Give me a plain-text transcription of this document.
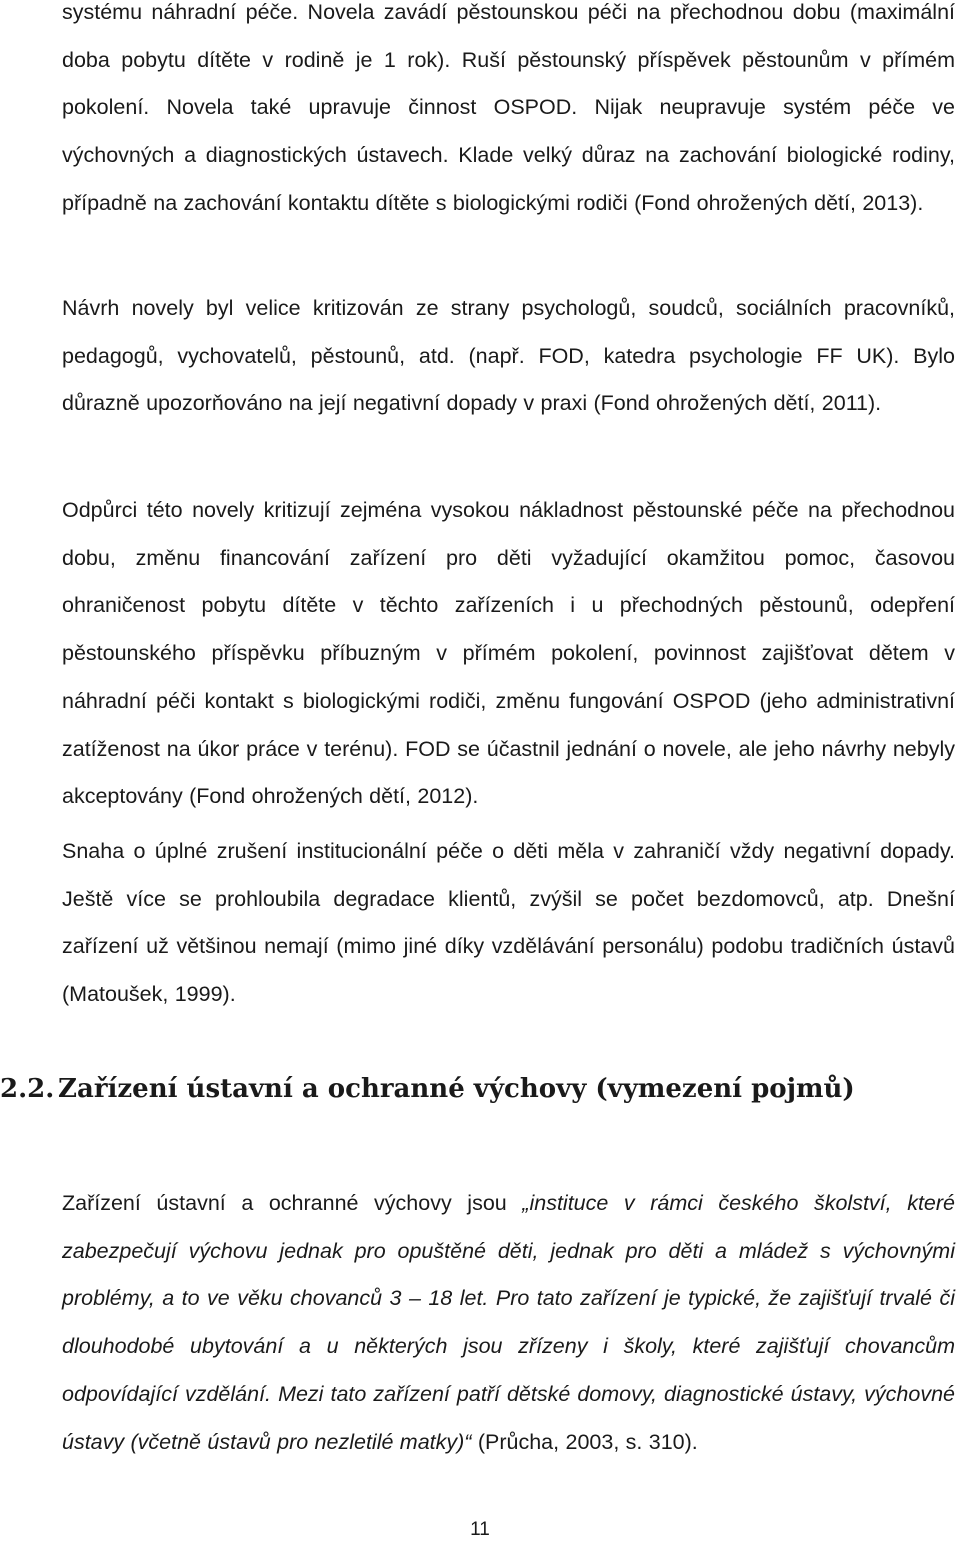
systému náhradní péče. Novela zavádí pěstounskou péči na přechodnou dobu (maximální doba pobytu dítěte v rodině je 1 rok). Ruší pěstounský příspěvek pěstounům v přímém pokolení. Novela také upravuje činnost OSPOD. Nijak neupravuje systém péče ve výchovných a diagnostických ústavech. Klade velký důraz na zachování biologické rodiny, případně na zachování kontaktu dítěte s biologickými rodiči (Fond ohrožených dětí, 2013).

Návrh novely byl velice kritizován ze strany psychologů, soudců, sociálních pracovníků, pedagogů, vychovatelů, pěstounů, atd. (např. FOD, katedra psychologie FF UK). Bylo důrazně upozorňováno na její negativní dopady v praxi (Fond ohrožených dětí, 2011).

Odpůrci této novely kritizují zejména vysokou nákladnost pěstounské péče na přechodnou dobu, změnu financování zařízení pro děti vyžadující okamžitou pomoc, časovou ohraničenost pobytu dítěte v těchto zařízeních i u přechodných pěstounů, odepření pěstounského příspěvku příbuzným v přímém pokolení, povinnost zajišťovat dětem v náhradní péči kontakt s biologickými rodiči, změnu fungování OSPOD (jeho administrativní zatíženost na úkor práce v terénu). FOD se účastnil jednání o novele, ale jeho návrhy nebyly akceptovány (Fond ohrožených dětí, 2012).

Snaha o úplné zrušení institucionální péče o děti měla v zahraničí vždy negativní dopady. Ještě více se prohloubila degradace klientů, zvýšil se počet bezdomovců, atp. Dnešní zařízení už většinou nemají (mimo jiné díky vzdělávání personálu) podobu tradičních ústavů (Matoušek, 1999).

2.2. Zařízení ústavní a ochranné výchovy (vymezení pojmů)

Zařízení ústavní a ochranné výchovy jsou „instituce v rámci českého školství, které zabezpečují výchovu jednak pro opuštěné děti, jednak pro děti a mládež s výchovnými problémy, a to ve věku chovanců 3 – 18 let. Pro tato zařízení je typické, že zajišťují trvalé či dlouhodobé ubytování a u některých jsou zřízeny i školy, které zajišťují chovancům odpovídající vzdělání. Mezi tato zařízení patří dětské domovy, diagnostické ústavy, výchovné ústavy (včetně ústavů pro nezletilé matky)“ (Průcha, 2003, s. 310).

11
